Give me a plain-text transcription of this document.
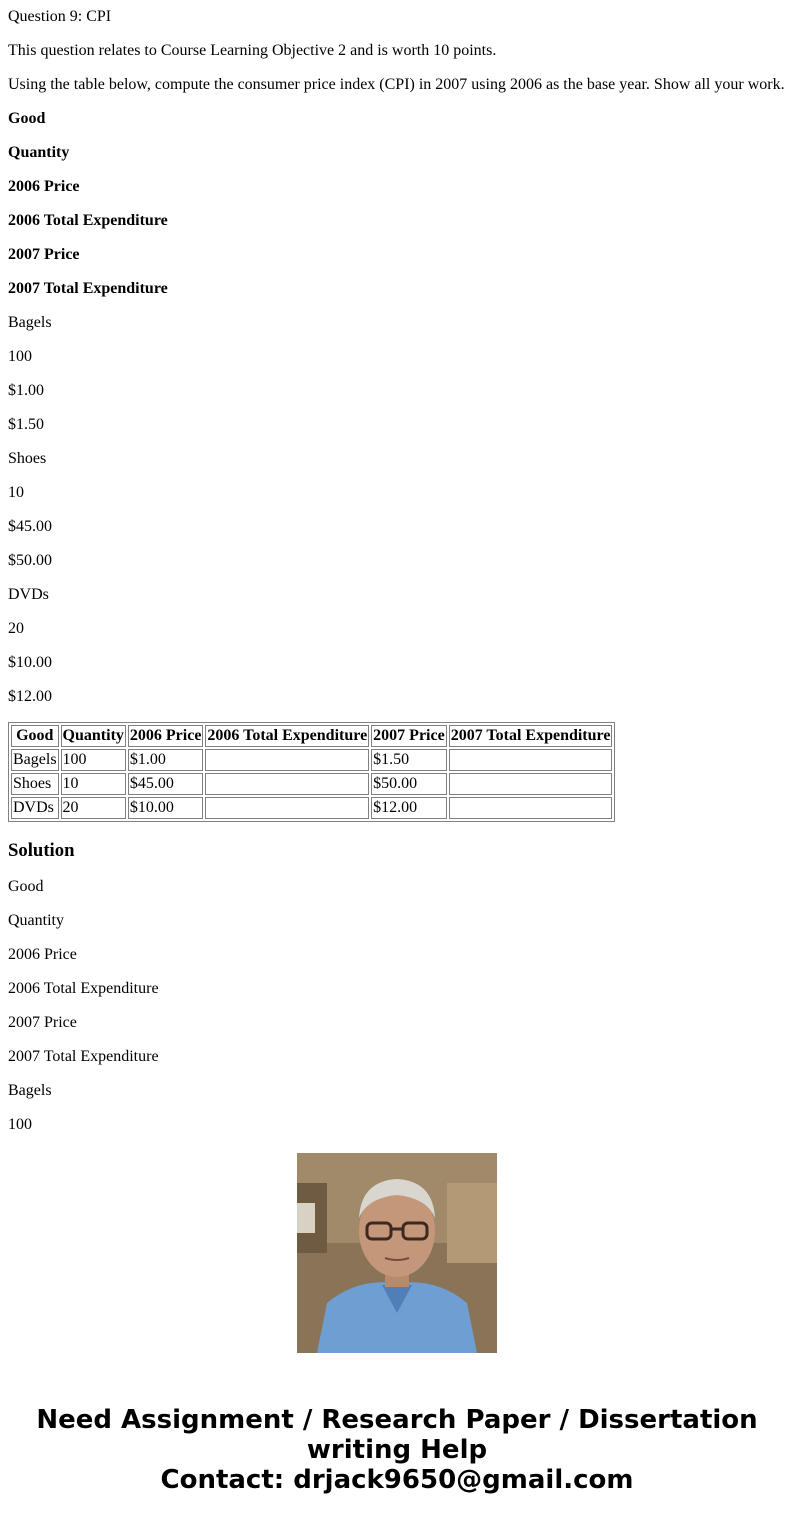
Question 9: CPI

This question relates to Course Learning Objective 2 and is worth 10 points.

Using the table below, compute the consumer price index (CPI) in 2007 using 2006 as the base year. Show all your work.

Good

Quantity

2006 Price

2006 Total Expenditure

2007 Price

2007 Total Expenditure

Bagels

100

$1.00

$1.50

Shoes

10

$45.00

$50.00

DVDs

20

$10.00

$12.00

Good	Quantity	2006 Price	2006 Total Expenditure	2007 Price	2007 Total Expenditure
Bagels	100	$1.00		$1.50	
Shoes	10	$45.00		$50.00	
DVDs	20	$10.00		$12.00	
Solution

Good

Quantity

2006 Price

2006 Total Expenditure

2007 Price

2007 Total Expenditure

Bagels

100

Need Assignment / Research Paper / Dissertation
writing Help
Contact: drjack9650@gmail.com
